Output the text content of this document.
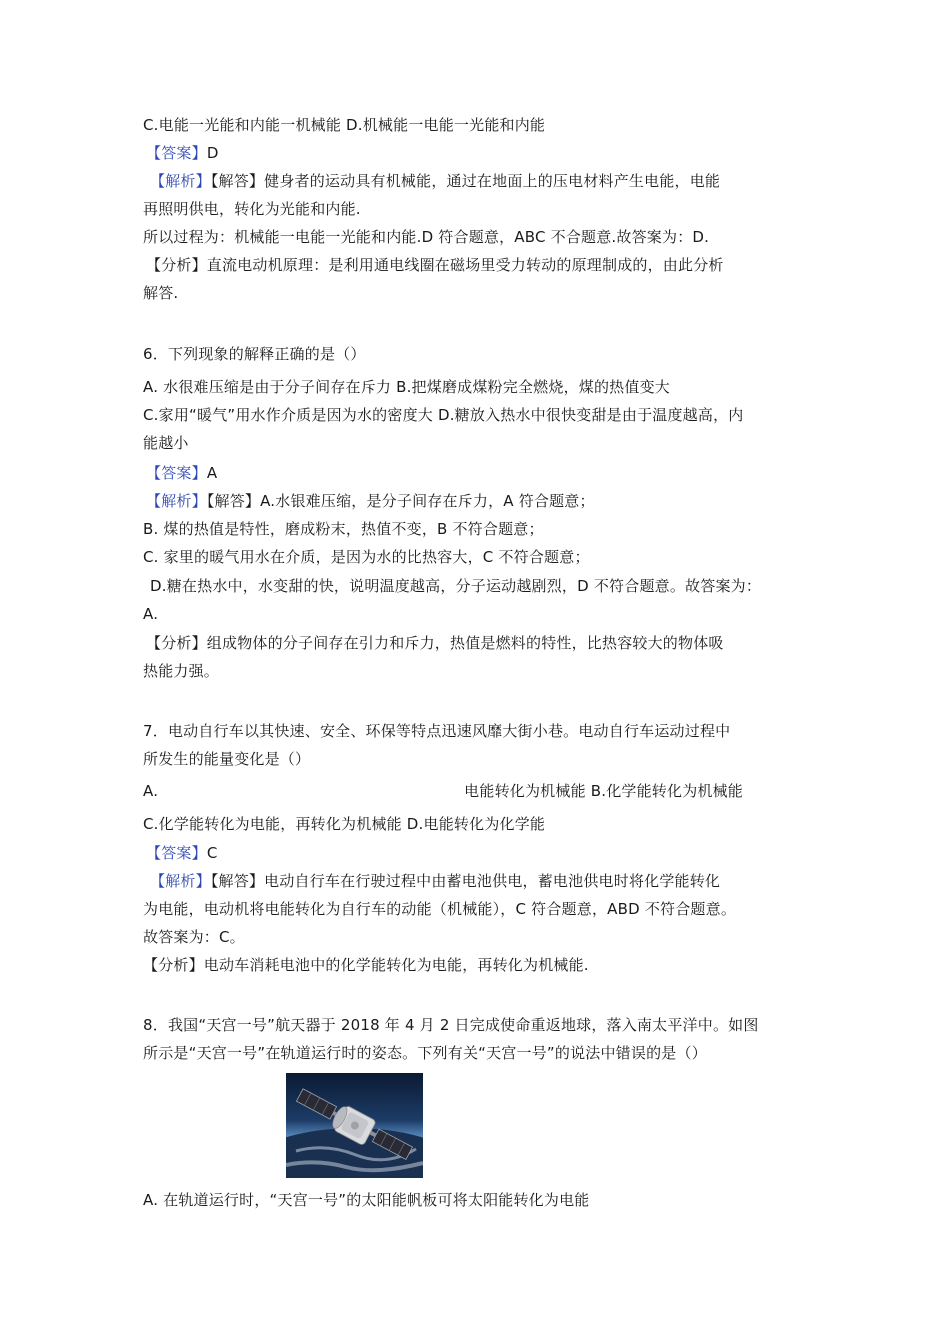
C.电能一光能和内能一机械能 D.机械能一电能一光能和内能
【答案】D
【解析】【解答】健身者的运动具有机械能，通过在地面上的压电材料产生电能，电能
再照明供电，转化为光能和内能.
所以过程为：机械能一电能一光能和内能.D 符合题意，ABC 不合题意.故答案为：D.
【分析】直流电动机原理：是利用通电线圈在磁场里受力转动的原理制成的，由此分析
解答.
6．下列现象的解释正确的是（）
A. 水很难压缩是由于分子间存在斥力 B.把煤磨成煤粉完全燃烧，煤的热值变大
C.家用“暖气”用水作介质是因为水的密度大 D.糖放入热水中很快变甜是由于温度越高，内
能越小
【答案】A
【解析】【解答】A.水银难压缩，是分子间存在斥力，A 符合题意；
B. 煤的热值是特性，磨成粉末，热值不变，B 不符合题意；
C. 家里的暖气用水在介质，是因为水的比热容大，C 不符合题意；
D.糖在热水中，水变甜的快，说明温度越高，分子运动越剧烈，D 不符合题意。故答案为：
A.
【分析】组成物体的分子间存在引力和斥力，热值是燃料的特性，比热容较大的物体吸
热能力强。
7．电动自行车以其快速、安全、环保等特点迅速风靡大街小巷。电动自行车运动过程中
所发生的能量变化是（）
A.	电能转化为机械能 B.化学能转化为机械能
C.化学能转化为电能，再转化为机械能 D.电能转化为化学能
【答案】C
【解析】【解答】电动自行车在行驶过程中由蓄电池供电，蓄电池供电时将化学能转化
为电能，电动机将电能转化为自行车的动能（机械能），C 符合题意，ABD 不符合题意。
故答案为：C。
【分析】电动车消耗电池中的化学能转化为电能，再转化为机械能.
8．我国“天宫一号”航天器于 2018 年 4 月 2 日完成使命重返地球，落入南太平洋中。如图
所示是“天宫一号”在轨道运行时的姿态。下列有关“天宫一号”的说法中错误的是（）
A. 在轨道运行时，“天宫一号”的太阳能帆板可将太阳能转化为电能
